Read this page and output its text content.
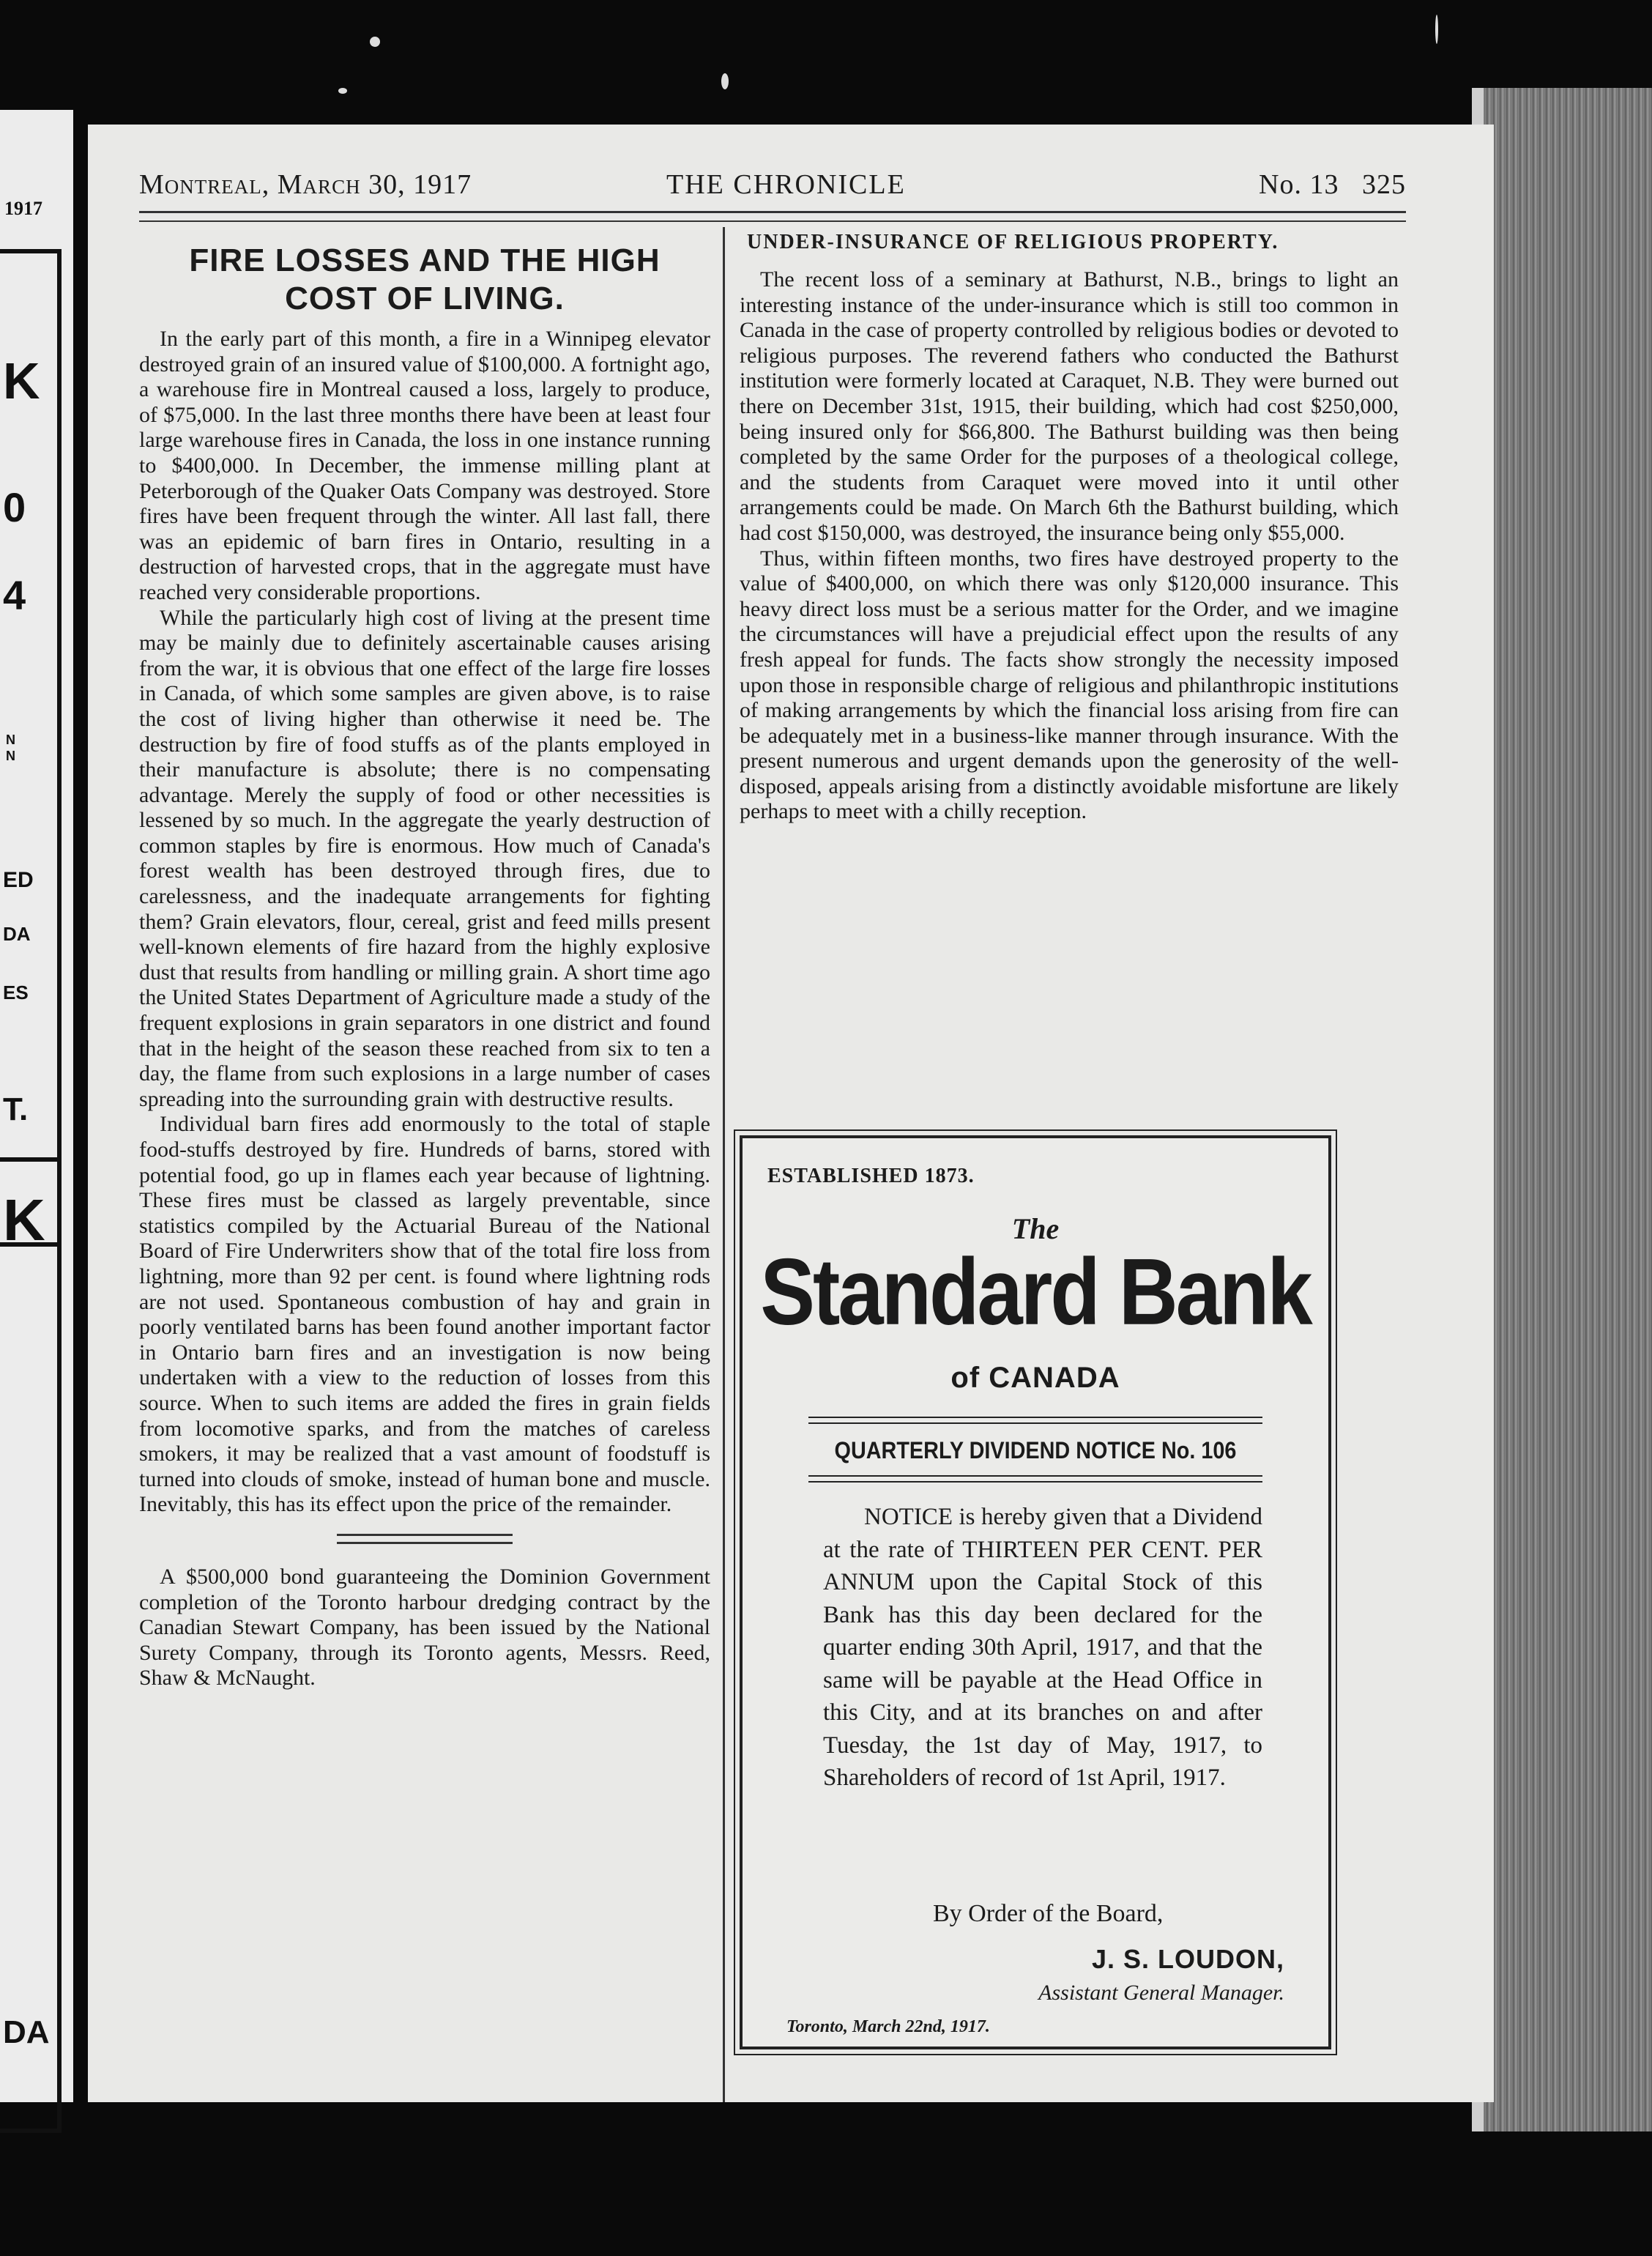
1917
K
0
4
N
N
ED
DA
ES
T.
K
DA
Montreal, March 30, 1917	THE CHRONICLE	No. 13   325
FIRE LOSSES AND THE HIGH COST OF LIVING.

In the early part of this month, a fire in a Winnipeg elevator destroyed grain of an insured value of $100,000. A fortnight ago, a warehouse fire in Montreal caused a loss, largely to produce, of $75,000. In the last three months there have been at least four large warehouse fires in Canada, the loss in one instance running to $400,000. In December, the immense milling plant at Peterborough of the Quaker Oats Company was destroyed. Store fires have been frequent through the winter. All last fall, there was an epidemic of barn fires in Ontario, resulting in a destruction of harvested crops, that in the aggregate must have reached very considerable proportions.

While the particularly high cost of living at the present time may be mainly due to definitely ascertainable causes arising from the war, it is obvious that one effect of the large fire losses in Canada, of which some samples are given above, is to raise the cost of living higher than otherwise it need be. The destruction by fire of food stuffs as of the plants employed in their manufacture is absolute; there is no compensating advantage. Merely the supply of food or other necessities is lessened by so much. In the aggregate the yearly destruction of common staples by fire is enormous. How much of Canada's forest wealth has been destroyed through fires, due to carelessness, and the inadequate arrangements for fighting them? Grain elevators, flour, cereal, grist and feed mills present well-known elements of fire hazard from the highly explosive dust that results from handling or milling grain. A short time ago the United States Department of Agriculture made a study of the frequent explosions in grain separators in one district and found that in the height of the season these reached from six to ten a day, the flame from such explosions in a large number of cases spreading into the surrounding grain with destructive results.

Individual barn fires add enormously to the total of staple food-stuffs destroyed by fire. Hundreds of barns, stored with potential food, go up in flames each year because of lightning. These fires must be classed as largely preventable, since statistics compiled by the Actuarial Bureau of the National Board of Fire Underwriters show that of the total fire loss from lightning, more than 92 per cent. is found where lightning rods are not used. Spontaneous combustion of hay and grain in poorly ventilated barns has been found another important factor in Ontario barn fires and an investigation is now being undertaken with a view to the reduction of losses from this source. When to such items are added the fires in grain fields from locomotive sparks, and from the matches of careless smokers, it may be realized that a vast amount of foodstuff is turned into clouds of smoke, instead of human bone and muscle. Inevitably, this has its effect upon the price of the remainder.

A $500,000 bond guaranteeing the Dominion Government completion of the Toronto harbour dredging contract by the Canadian Stewart Company, has been issued by the National Surety Company, through its Toronto agents, Messrs. Reed, Shaw & McNaught.

UNDER-INSURANCE OF RELIGIOUS PROPERTY.

The recent loss of a seminary at Bathurst, N.B., brings to light an interesting instance of the under-insurance which is still too common in Canada in the case of property controlled by religious bodies or devoted to religious purposes. The reverend fathers who conducted the Bathurst institution were formerly located at Caraquet, N.B. They were burned out there on December 31st, 1915, their building, which had cost $250,000, being insured only for $66,800. The Bathurst building was then being completed by the same Order for the purposes of a theological college, and the students from Caraquet were moved into it until other arrangements could be made. On March 6th the Bathurst building, which had cost $150,000, was destroyed, the insurance being only $55,000.

Thus, within fifteen months, two fires have destroyed property to the value of $400,000, on which there was only $120,000 insurance. This heavy direct loss must be a serious matter for the Order, and we imagine the circumstances will have a prejudicial effect upon the results of any fresh appeal for funds. The facts show strongly the necessity imposed upon those in responsible charge of religious and philanthropic institutions of making arrangements by which the financial loss arising from fire can be adequately met in a business-like manner through insurance. With the present numerous and urgent demands upon the generosity of the well-disposed, appeals arising from a distinctly avoidable misfortune are likely perhaps to meet with a chilly reception.

ESTABLISHED 1873.
The
Standard Bank
of CANADA
QUARTERLY DIVIDEND NOTICE No. 106
NOTICE is hereby given that a Dividend at the rate of THIRTEEN PER CENT. PER ANNUM upon the Capital Stock of this Bank has this day been declared for the quarter ending 30th April, 1917, and that the same will be payable at the Head Office in this City, and at its branches on and after Tuesday, the 1st day of May, 1917, to Shareholders of record of 1st April, 1917.
By Order of the Board,
J. S. LOUDON,
Assistant General Manager.
Toronto, March 22nd, 1917.
